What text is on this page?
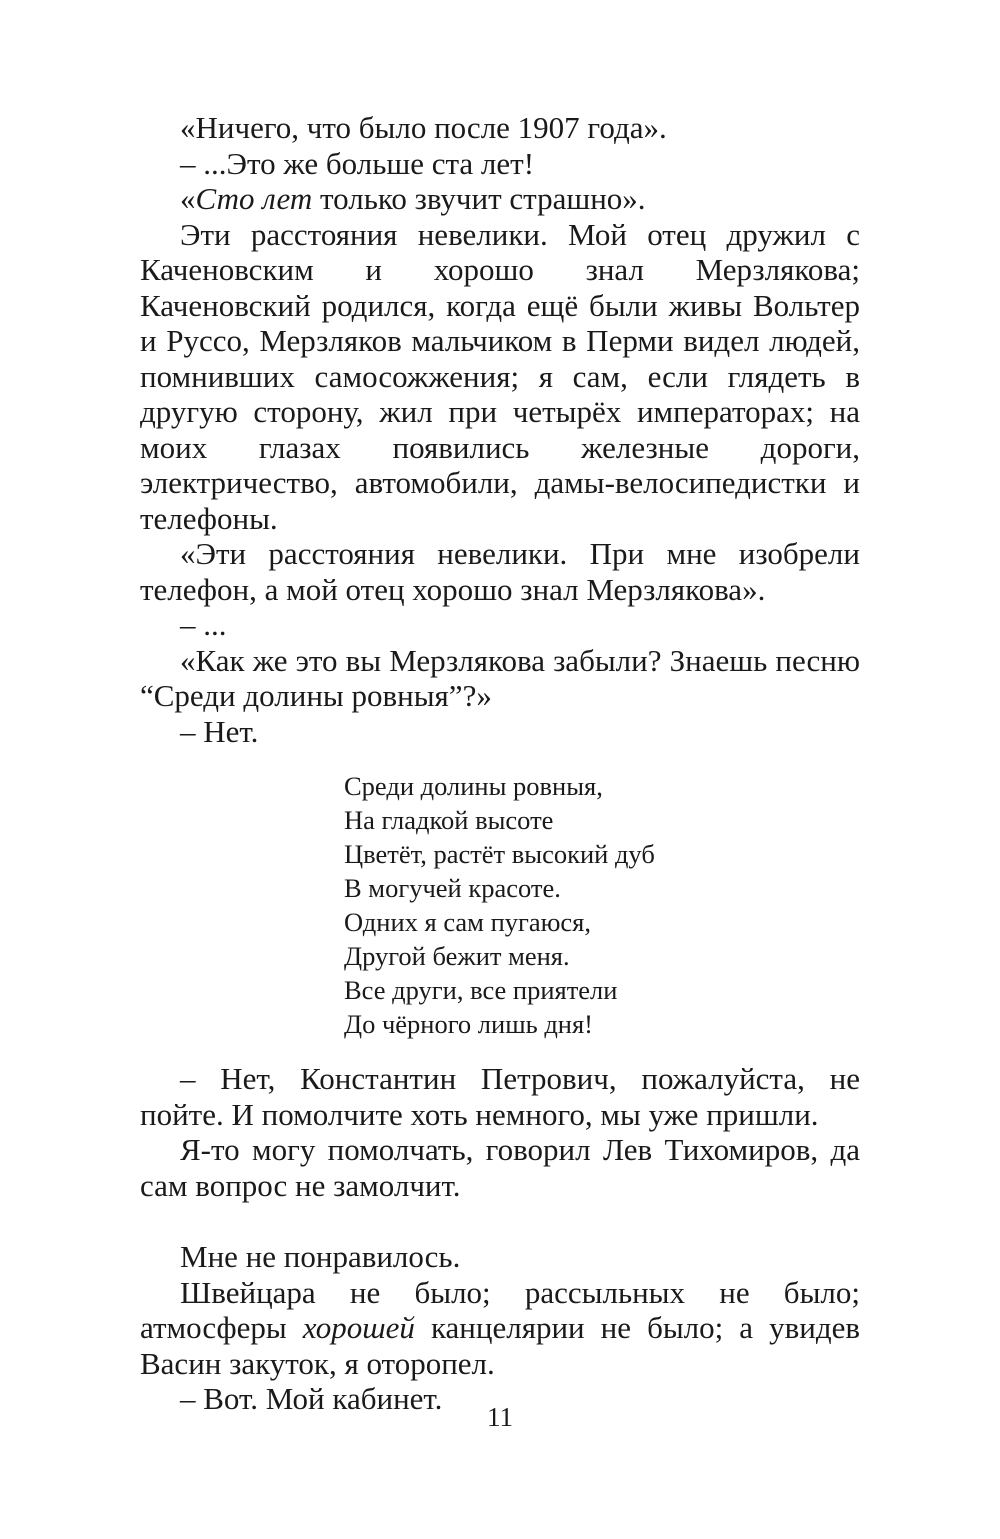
«Ничего, что было после 1907 года».

– ...Это же больше ста лет!

«Сто лет только звучит страшно».

Эти расстояния невелики. Мой отец дружил с Каченовским и хорошо знал Мерзлякова; Каченовский родился, когда ещё были живы Вольтер и Руссо, Мерзляков мальчиком в Перми видел людей, помнивших самосожжения; я сам, если глядеть в другую сторону, жил при четырёх императорах; на моих глазах появились железные дороги, электричество, автомобили, дамы-велосипедистки и телефоны.

«Эти расстояния невелики. При мне изобрели телефон, а мой отец хорошо знал Мерзлякова».

– ...

«Как же это вы Мерзлякова забыли? Знаешь песню “Среди долины ровныя”?»

– Нет.

Среди долины ровныя,
На гладкой высоте
Цветёт, растёт высокий дуб
В могучей красоте.
Одних я сам пугаюся,
Другой бежит меня.
Все други, все приятели
До чёрного лишь дня!

– Нет, Константин Петрович, пожалуйста, не пойте. И помолчите хоть немного, мы уже пришли.

Я-то могу помолчать, говорил Лев Тихомиров, да сам вопрос не замолчит.

Мне не понравилось.

Швейцара не было; рассыльных не было; атмосферы хорошей канцелярии не было; а увидев Васин закуток, я оторопел.

– Вот. Мой кабинет.

11
